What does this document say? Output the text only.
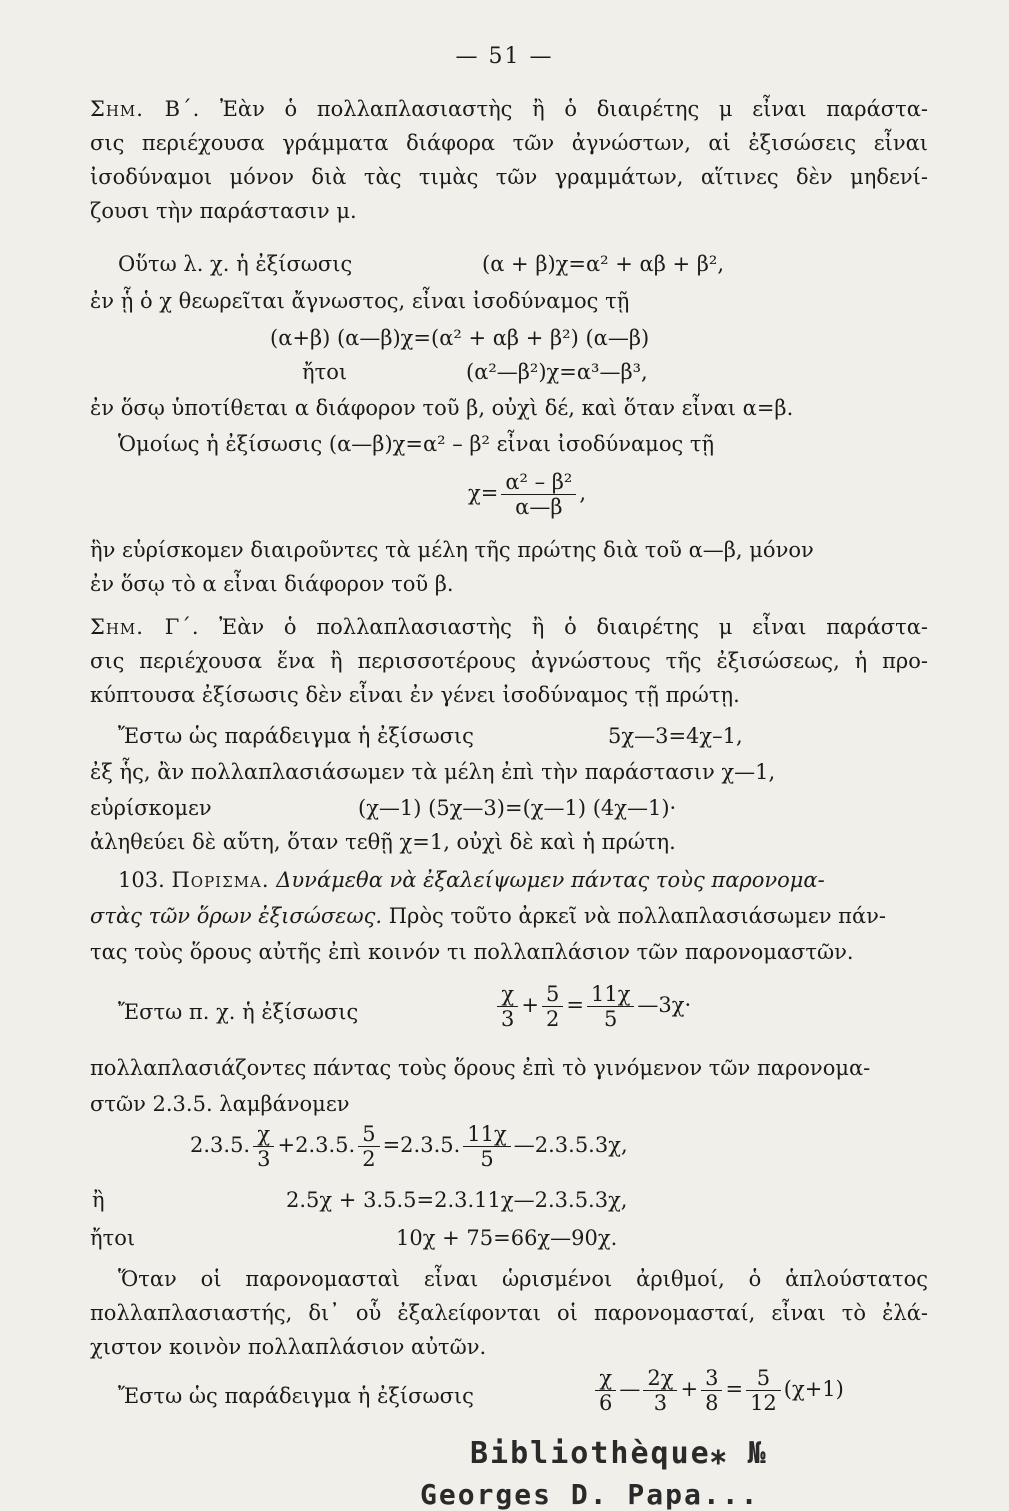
— 51 —
Σημ. Β΄. Ἐὰν ὁ πολλαπλασιαστὴς ἢ ὁ διαιρέτης μ εἶναι παράστα-
σις περιέχουσα γράμματα διάφορα τῶν ἀγνώστων, αἱ ἐξισώσεις εἶναι
ἰσοδύναμοι μόνον διὰ τὰς τιμὰς τῶν γραμμάτων, αἵτινες δὲν μηδενί-
ζουσι τὴν παράστασιν μ.
Οὕτω λ. χ. ἡ ἐξίσωσις	(α + β)χ=α² + αβ + β²,
ἐν ᾗ ὁ χ θεωρεῖται ἄγνωστος, εἶναι ἰσοδύναμος τῇ
(α+β) (α—β)χ=(α² + αβ + β²) (α—β)
ἤτοι	(α²—β²)χ=α³—β³,
ἐν ὅσῳ ὑποτίθεται α διάφορον τοῦ β, οὐχὶ δέ, καὶ ὅταν εἶναι α=β.
Ὁμοίως ἡ ἐξίσωσις (α—β)χ=α² – β² εἶναι ἰσοδύναμος τῇ
$\chi= \frac{\text{α² – β²}}{\alpha—\beta}$ ,
ἣν εὑρίσκομεν διαιροῦντες τὰ μέλη τῆς πρώτης διὰ τοῦ α—β, μόνον
ἐν ὅσῳ τὸ α εἶναι διάφορον τοῦ β.
Σημ. Γ΄. Ἐὰν ὁ πολλαπλασιαστὴς ἢ ὁ διαιρέτης μ εἶναι παράστα-
σις περιέχουσα ἕνα ἢ περισσοτέρους ἀγνώστους τῆς ἐξισώσεως, ἡ προ-
κύπτουσα ἐξίσωσις δὲν εἶναι ἐν γένει ἰσοδύναμος τῇ πρώτῃ.
Ἔστω ὡς παράδειγμα ἡ ἐξίσωσις	5χ—3=4χ–1,
ἐξ ἧς, ἂν πολλαπλασιάσωμεν τὰ μέλη ἐπὶ τὴν παράστασιν χ—1,
εὑρίσκομεν	(χ—1) (5χ—3)=(χ—1) (4χ—1)·
ἀληθεύει δὲ αὕτη, ὅταν τεθῇ χ=1, οὐχὶ δὲ καὶ ἡ πρώτη.
103. Πορισμα. Δυνάμεθα νὰ ἐξαλείψωμεν πάντας τοὺς παρονομα-
στὰς τῶν ὅρων ἐξισώσεως. Πρὸς τοῦτο ἀρκεῖ νὰ πολλαπλασιάσωμεν πάν-
τας τοὺς ὅρους αὐτῆς ἐπὶ κοινόν τι πολλαπλάσιον τῶν παρονομαστῶν.
Ἔστω π. χ. ἡ ἐξίσωσις	$\frac{\chi}{3} + \frac{5}{2} = \frac{11\chi}{5}$ —3χ·
πολλαπλασιάζοντες πάντας τοὺς ὅρους ἐπὶ τὸ γινόμενον τῶν παρονομα-
στῶν 2.3.5. λαμβάνομεν
2.3.5. $\frac{\chi}{3} +2.3.5$. $\frac{5}{2} =2.3.5$. $\frac{11\chi}{5}$ —2.3.5.3χ,
ἢ	2.5χ + 3.5.5=2.3.11χ—2.3.5.3χ,
ἤτοι	10χ + 75=66χ—90χ.
Ὅταν οἱ παρονομασταὶ εἶναι ὡρισμένοι ἀριθμοί, ὁ ἁπλούστατος
πολλαπλασιαστής, δι᾽ οὗ ἐξαλείφονται οἱ παρονομασταί, εἶναι τὸ ἐλά-
χιστον κοινὸν πολλαπλάσιον αὐτῶν.
Ἔστω ὡς παράδειγμα ἡ ἐξίσωσις	$\frac{\chi}{6}$ — $\frac{2\chi}{3} + \frac{3}{8} = \frac{5}{12} (\chi+1)$
Bibliothèque⁎ №
Georges D. Papa...
